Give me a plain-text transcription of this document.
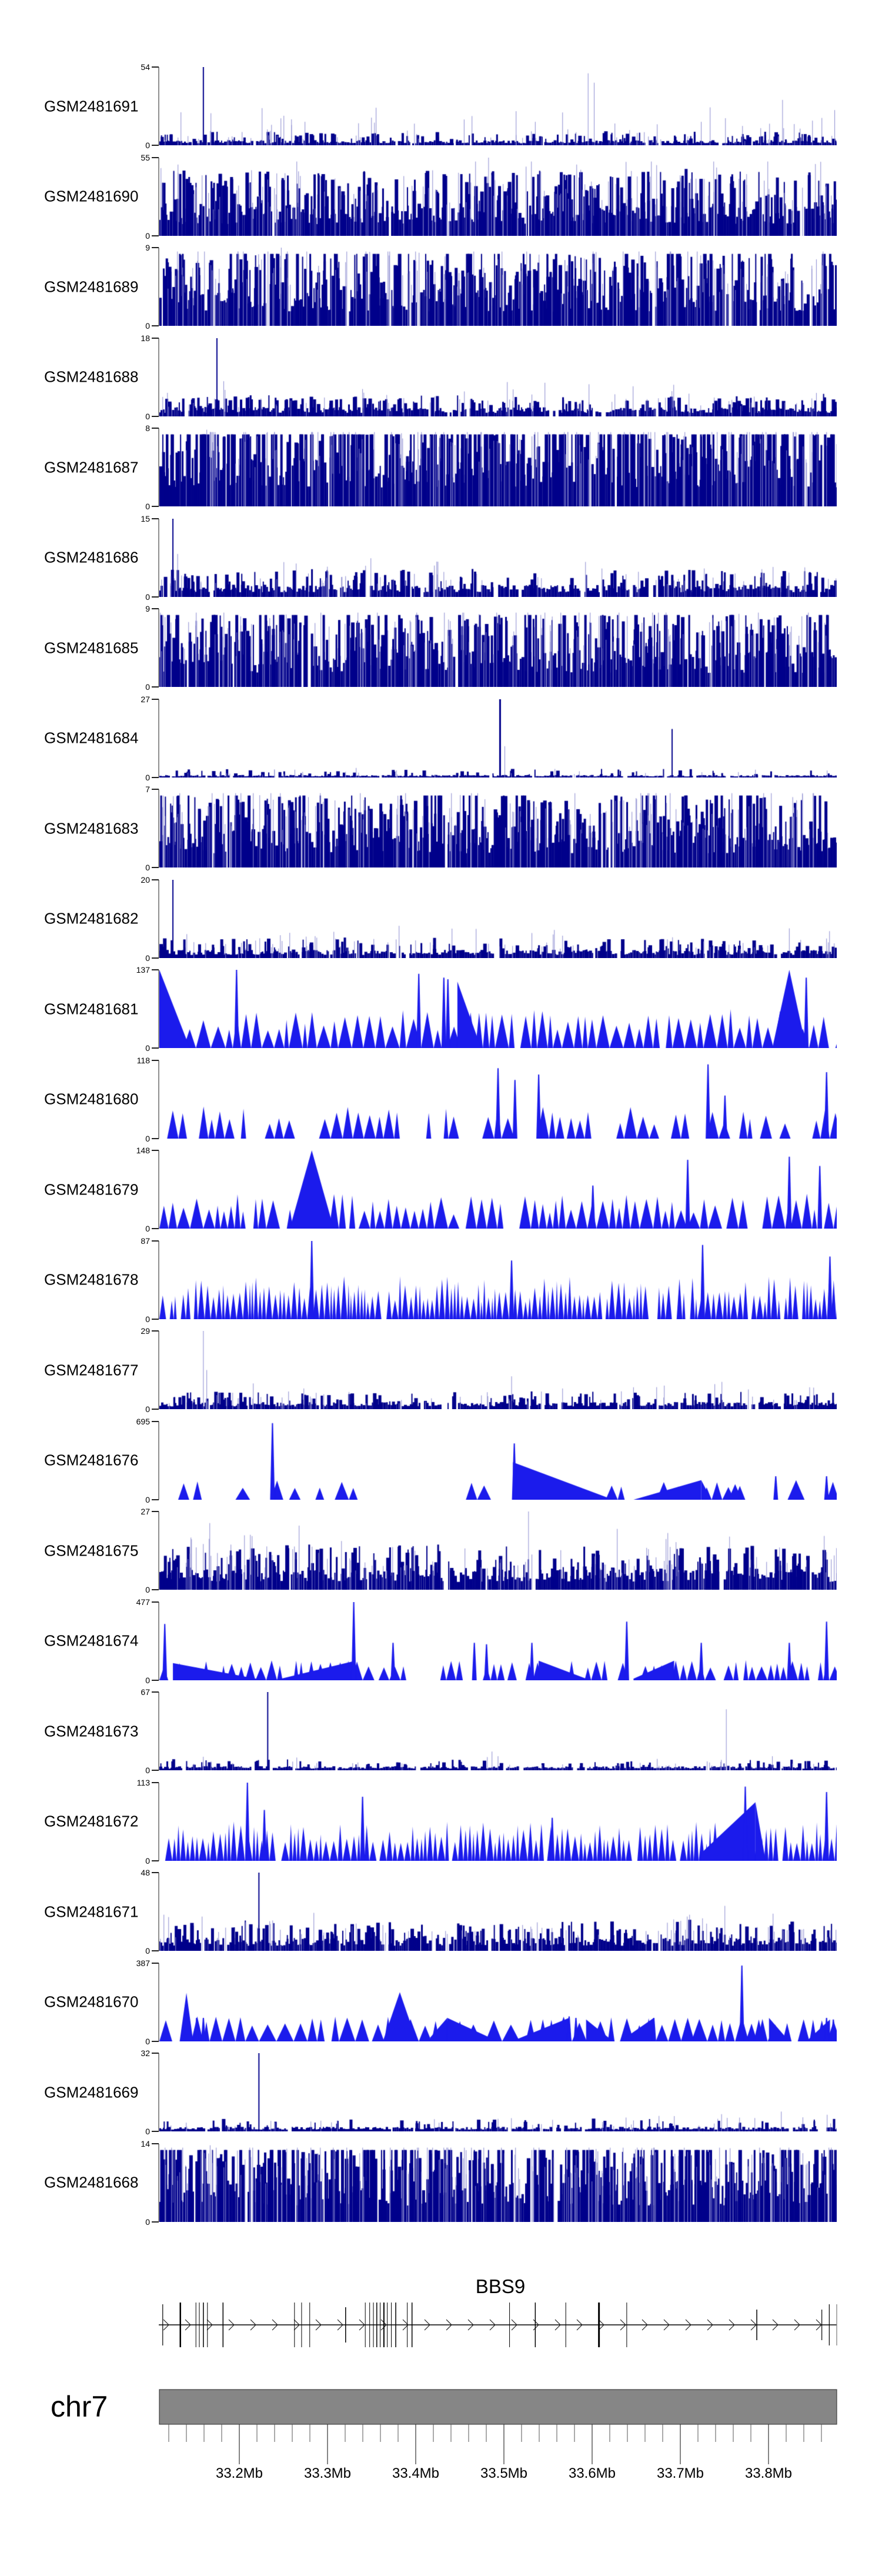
GSM2481691
54
0
GSM2481690
55
0
GSM2481689
9
0
GSM2481688
18
0
GSM2481687
8
0
GSM2481686
15
0
GSM2481685
9
0
GSM2481684
27
0
GSM2481683
7
0
GSM2481682
20
0
GSM2481681
137
0
GSM2481680
118
0
GSM2481679
148
0
GSM2481678
87
0
GSM2481677
29
0
GSM2481676
695
0
GSM2481675
27
0
GSM2481674
477
0
GSM2481673
67
0
GSM2481672
113
0
GSM2481671
48
0
GSM2481670
387
0
GSM2481669
32
0
GSM2481668
14
0
BBS9
chr7
33.2Mb	33.3Mb	33.4Mb	33.5Mb	33.6Mb	33.7Mb	33.8Mb
